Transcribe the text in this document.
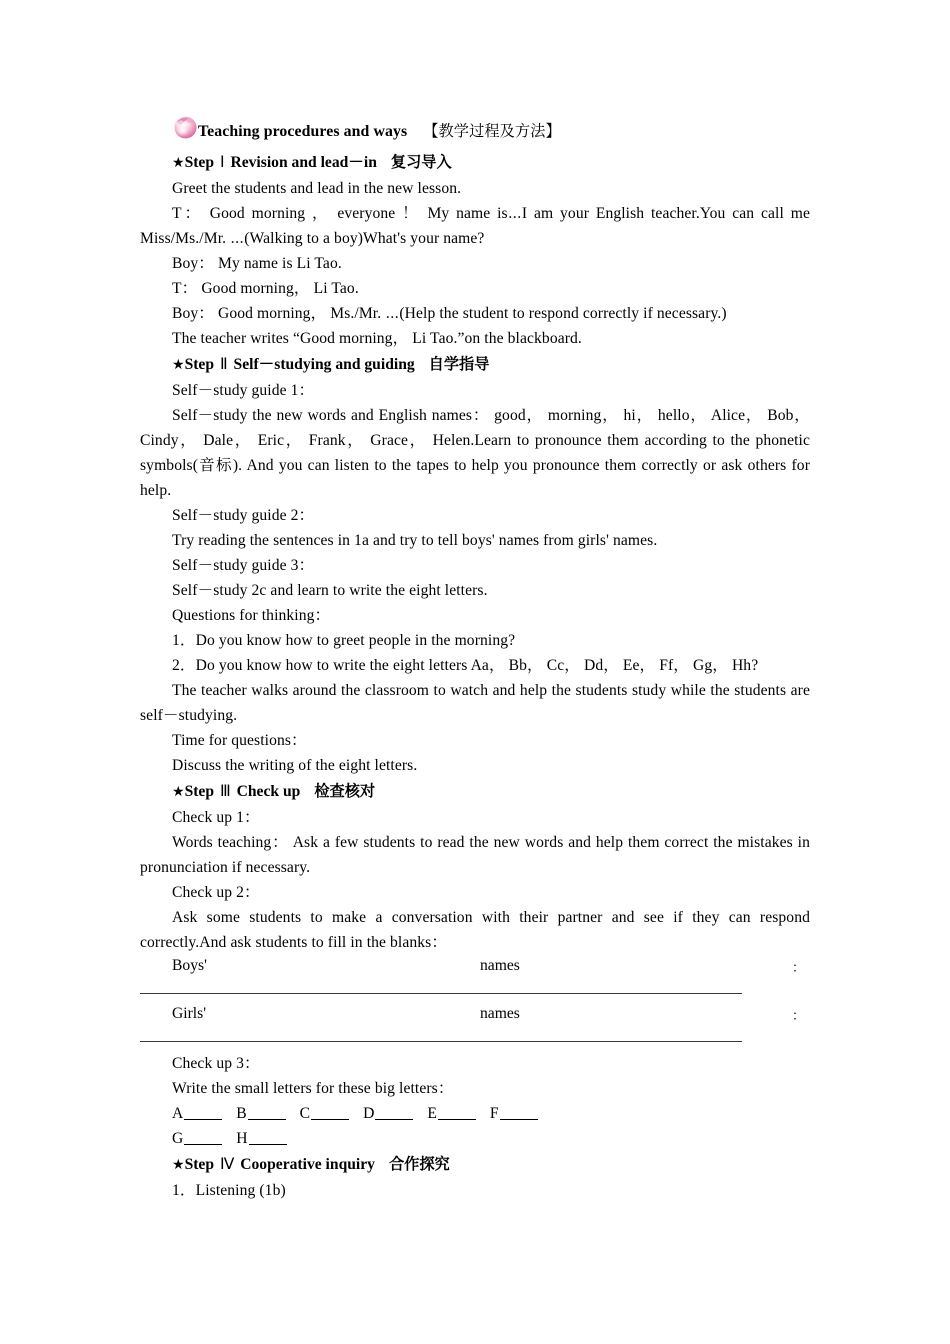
Teaching procedures and ways 【教学过程及方法】
★Step Ⅰ Revision and lead－in 复习导入
Greet the students and lead in the new lesson.
T： Good morning ， everyone ！ My name is⋯I am your English teacher.You can call me Miss/Ms./Mr. ⋯(Walking to a boy)What's your name?
Boy： My name is Li Tao.
T： Good morning， Li Tao.
Boy： Good morning， Ms./Mr. ⋯(Help the student to respond correctly if necessary.)
The teacher writes “Good morning， Li Tao.”on the blackboard.
★Step Ⅱ Self－studying and guiding 自学指导
Self－study guide 1：
Self－study the new words and English names： good， morning， hi， hello， Alice， Bob， Cindy， Dale， Eric， Frank， Grace， Helen.Learn to pronounce them according to the phonetic symbols(音标). And you can listen to the tapes to help you pronounce them correctly or ask others for help.
Self－study guide 2：
Try reading the sentences in 1a and try to tell boys' names from girls' names.
Self－study guide 3：
Self－study 2c and learn to write the eight letters.
Questions for thinking：
1．Do you know how to greet people in the morning?
2．Do you know how to write the eight letters Aa， Bb， Cc， Dd， Ee， Ff， Gg， Hh?
The teacher walks around the classroom to watch and help the students study while the students are self－studying.
Time for questions：
Discuss the writing of the eight letters.
★Step Ⅲ Check up 检查核对
Check up 1：
Words teaching： Ask a few students to read the new words and help them correct the mistakes in pronunciation if necessary.
Check up 2：
Ask some students to make a conversation with their partner and see if they can respond correctly.And ask students to fill in the blanks：
Boys'	names	：
Girls'	names	：
Check up 3：
Write the small letters for these big letters：
A	B	C	D	E	F
G	H
★Step Ⅳ Cooperative inquiry 合作探究
1．Listening (1b)
